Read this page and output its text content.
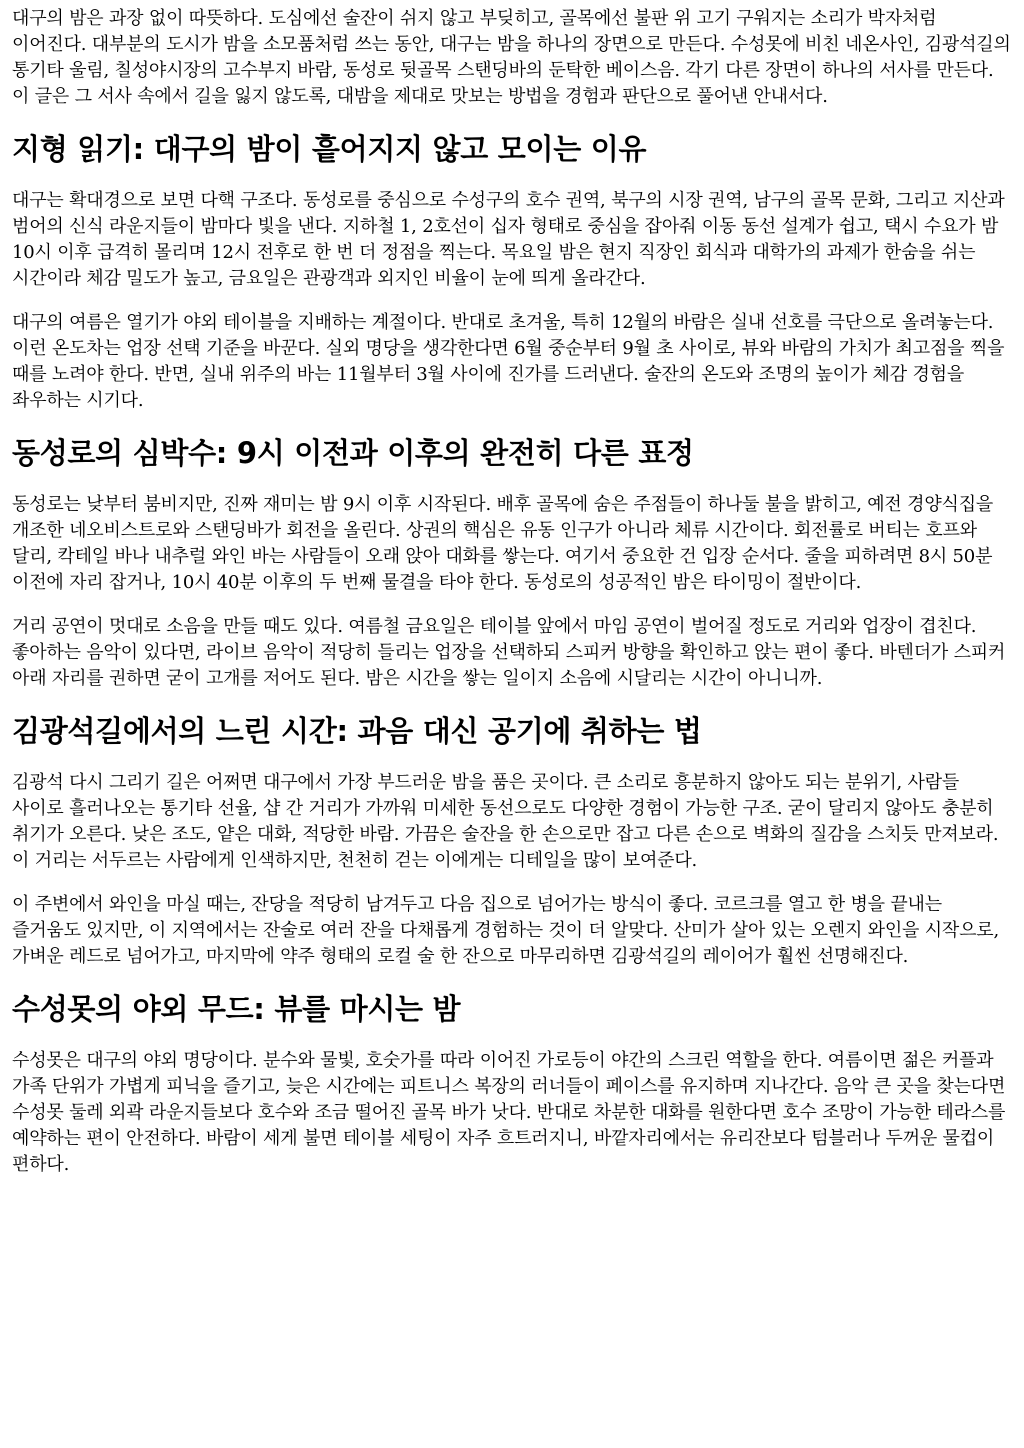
대구의 밤은 과장 없이 따뜻하다. 도심에선 술잔이 쉬지 않고 부딪히고, 골목에선 불판 위 고기 구워지는 소리가 박자처럼 이어진다. 대부분의 도시가 밤을 소모품처럼 쓰는 동안, 대구는 밤을 하나의 장면으로 만든다. 수성못에 비친 네온사인, 김광석길의 통기타 울림, 칠성야시장의 고수부지 바람, 동성로 뒷골목 스탠딩바의 둔탁한 베이스음. 각기 다른 장면이 하나의 서사를 만든다. 이 글은 그 서사 속에서 길을 잃지 않도록, 대밤을 제대로 맛보는 방법을 경험과 판단으로 풀어낸 안내서다.

지형 읽기: 대구의 밤이 흩어지지 않고 모이는 이유

대구는 확대경으로 보면 다핵 구조다. 동성로를 중심으로 수성구의 호수 권역, 북구의 시장 권역, 남구의 골목 문화, 그리고 지산과 범어의 신식 라운지들이 밤마다 빛을 낸다. 지하철 1, 2호선이 십자 형태로 중심을 잡아줘 이동 동선 설계가 쉽고, 택시 수요가 밤 10시 이후 급격히 몰리며 12시 전후로 한 번 더 정점을 찍는다. 목요일 밤은 현지 직장인 회식과 대학가의 과제가 한숨을 쉬는 시간이라 체감 밀도가 높고, 금요일은 관광객과 외지인 비율이 눈에 띄게 올라간다.

대구의 여름은 열기가 야외 테이블을 지배하는 계절이다. 반대로 초겨울, 특히 12월의 바람은 실내 선호를 극단으로 올려놓는다. 이런 온도차는 업장 선택 기준을 바꾼다. 실외 명당을 생각한다면 6월 중순부터 9월 초 사이로, 뷰와 바람의 가치가 최고점을 찍을 때를 노려야 한다. 반면, 실내 위주의 바는 11월부터 3월 사이에 진가를 드러낸다. 술잔의 온도와 조명의 높이가 체감 경험을 좌우하는 시기다.

동성로의 심박수: 9시 이전과 이후의 완전히 다른 표정

동성로는 낮부터 붐비지만, 진짜 재미는 밤 9시 이후 시작된다. 배후 골목에 숨은 주점들이 하나둘 불을 밝히고, 예전 경양식집을 개조한 네오비스트로와 스탠딩바가 회전을 올린다. 상권의 핵심은 유동 인구가 아니라 체류 시간이다. 회전률로 버티는 호프와 달리, 칵테일 바나 내추럴 와인 바는 사람들이 오래 앉아 대화를 쌓는다. 여기서 중요한 건 입장 순서다. 줄을 피하려면 8시 50분 이전에 자리 잡거나, 10시 40분 이후의 두 번째 물결을 타야 한다. 동성로의 성공적인 밤은 타이밍이 절반이다.

거리 공연이 멋대로 소음을 만들 때도 있다. 여름철 금요일은 테이블 앞에서 마임 공연이 벌어질 정도로 거리와 업장이 겹친다. 좋아하는 음악이 있다면, 라이브 음악이 적당히 들리는 업장을 선택하되 스피커 방향을 확인하고 앉는 편이 좋다. 바텐더가 스피커 아래 자리를 권하면 굳이 고개를 저어도 된다. 밤은 시간을 쌓는 일이지 소음에 시달리는 시간이 아니니까.

김광석길에서의 느린 시간: 과음 대신 공기에 취하는 법

김광석 다시 그리기 길은 어쩌면 대구에서 가장 부드러운 밤을 품은 곳이다. 큰 소리로 흥분하지 않아도 되는 분위기, 사람들 사이로 흘러나오는 통기타 선율, 샵 간 거리가 가까워 미세한 동선으로도 다양한 경험이 가능한 구조. 굳이 달리지 않아도 충분히 취기가 오른다. 낮은 조도, 얕은 대화, 적당한 바람. 가끔은 술잔을 한 손으로만 잡고 다른 손으로 벽화의 질감을 스치듯 만져보라. 이 거리는 서두르는 사람에게 인색하지만, 천천히 걷는 이에게는 디테일을 많이 보여준다.

이 주변에서 와인을 마실 때는, 잔당을 적당히 남겨두고 다음 집으로 넘어가는 방식이 좋다. 코르크를 열고 한 병을 끝내는 즐거움도 있지만, 이 지역에서는 잔술로 여러 잔을 다채롭게 경험하는 것이 더 알맞다. 산미가 살아 있는 오렌지 와인을 시작으로, 가벼운 레드로 넘어가고, 마지막에 약주 형태의 로컬 술 한 잔으로 마무리하면 김광석길의 레이어가 훨씬 선명해진다.

수성못의 야외 무드: 뷰를 마시는 밤

수성못은 대구의 야외 명당이다. 분수와 물빛, 호숫가를 따라 이어진 가로등이 야간의 스크린 역할을 한다. 여름이면 젊은 커플과 가족 단위가 가볍게 피닉을 즐기고, 늦은 시간에는 피트니스 복장의 러너들이 페이스를 유지하며 지나간다. 음악 큰 곳을 찾는다면 수성못 둘레 외곽 라운지들보다 호수와 조금 떨어진 골목 바가 낫다. 반대로 차분한 대화를 원한다면 호수 조망이 가능한 테라스를 예약하는 편이 안전하다. 바람이 세게 불면 테이블 세팅이 자주 흐트러지니, 바깥자리에서는 유리잔보다 텀블러나 두꺼운 물컵이 편하다.
